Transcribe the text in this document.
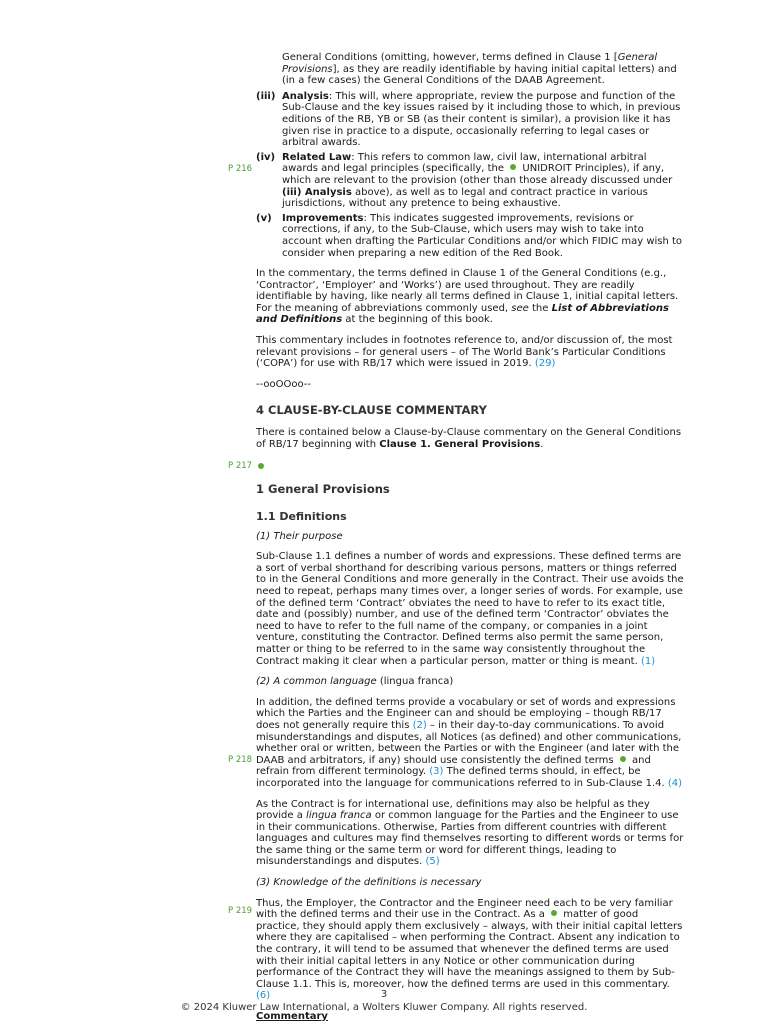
General Conditions (omitting, however, terms defined in Clause 1 [General Provisions], as they are readily identifiable by having initial capital letters) and (in a few cases) the General Conditions of the DAAB Agreement.
(iii) Analysis: This will, where appropriate, review the purpose and function of the Sub-Clause and the key issues raised by it including those to which, in previous editions of the RB, YB or SB (as their content is similar), a provision like it has given rise in practice to a dispute, occasionally referring to legal cases or arbitral awards.
P 216
(iv) Related Law: This refers to common law, civil law, international arbitral awards and legal principles (specifically, the  UNIDROIT Principles), if any, which are relevant to the provision (other than those already discussed under (iii) Analysis above), as well as to legal and contract practice in various jurisdictions, without any pretence to being exhaustive.
(v) Improvements: This indicates suggested improvements, revisions or corrections, if any, to the Sub-Clause, which users may wish to take into account when drafting the Particular Conditions and/or which FIDIC may wish to consider when preparing a new edition of the Red Book.

In the commentary, the terms defined in Clause 1 of the General Conditions (e.g., ‘Contractor’, ‘Employer’ and ‘Works’) are used throughout. They are readily identifiable by having, like nearly all terms defined in Clause 1, initial capital letters. For the meaning of abbreviations commonly used, see the List of Abbreviations and Definitions at the beginning of this book.

This commentary includes in footnotes reference to, and/or discussion of, the most relevant provisions – for general users – of The World Bank’s Particular Conditions (‘COPA’) for use with RB/17 which were issued in 2019. (29)

--ooOOoo--

4 CLAUSE-BY-CLAUSE COMMENTARY

There is contained below a Clause-by-Clause commentary on the General Conditions of RB/17 beginning with Clause 1. General Provisions.

P 217
1 General Provisions
1.1 Definitions

(1) Their purpose

Sub-Clause 1.1 defines a number of words and expressions. These defined terms are a sort of verbal shorthand for describing various persons, matters or things referred to in the General Conditions and more generally in the Contract. Their use avoids the need to repeat, perhaps many times over, a longer series of words. For example, use of the defined term ‘Contract’ obviates the need to have to refer to its exact title, date and (possibly) number, and use of the defined term ‘Contractor’ obviates the need to have to refer to the full name of the company, or companies in a joint venture, constituting the Contractor. Defined terms also permit the same person, matter or thing to be referred to in the same way consistently throughout the Contract making it clear when a particular person, matter or thing is meant. (1)

(2) A common language (lingua franca)

P 218
In addition, the defined terms provide a vocabulary or set of words and expressions which the Parties and the Engineer can and should be employing – though RB/17 does not generally require this (2) – in their day-to-day communications. To avoid misunderstandings and disputes, all Notices (as defined) and other communications, whether oral or written, between the Parties or with the Engineer (and later with the DAAB and arbitrators, if any) should use consistently the defined terms  and refrain from different terminology. (3) The defined terms should, in effect, be incorporated into the language for communications referred to in Sub-Clause 1.4. (4)

As the Contract is for international use, definitions may also be helpful as they provide a lingua franca or common language for the Parties and the Engineer to use in their communications. Otherwise, Parties from different countries with different languages and cultures may find themselves resorting to different words or terms for the same thing or the same term or word for different things, leading to misunderstandings and disputes. (5)

(3) Knowledge of the definitions is necessary

P 219
Thus, the Employer, the Contractor and the Engineer need each to be very familiar with the defined terms and their use in the Contract. As a  matter of good practice, they should apply them exclusively – always, with their initial capital letters where they are capitalised – when performing the Contract. Absent any indication to the contrary, it will tend to be assumed that whenever the defined terms are used with their initial capital letters in any Notice or other communication during performance of the Contract they will have the meanings assigned to them by Sub-Clause 1.1. This is, moreover, how the defined terms are used in this commentary. (6)

Commentary

3
© 2024 Kluwer Law International, a Wolters Kluwer Company. All rights reserved.
